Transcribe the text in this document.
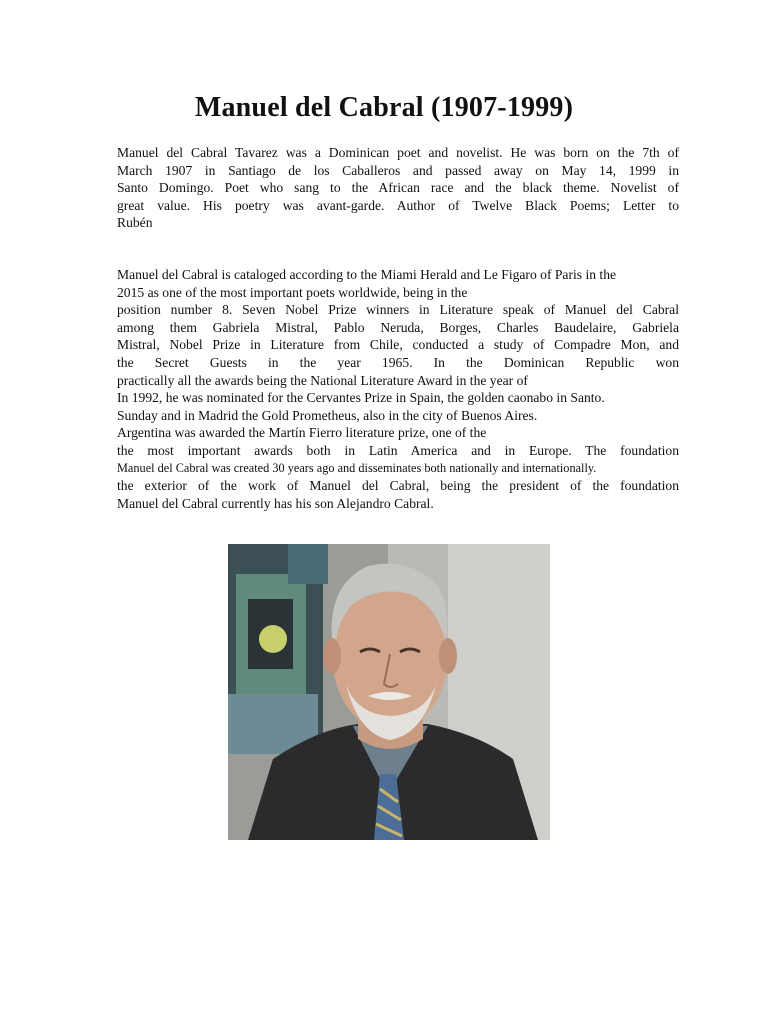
Manuel del Cabral (1907-1999)

Manuel del Cabral Tavarez was a Dominican poet and novelist. He was born on the 7th of
March 1907 in Santiago de los Caballeros and passed away on May 14, 1999 in
Santo Domingo. Poet who sang to the African race and the black theme. Novelist of
great value. His poetry was avant-garde. Author of Twelve Black Poems; Letter to
Rubén

Manuel del Cabral is cataloged according to the Miami Herald and Le Figaro of Paris in the
2015 as one of the most important poets worldwide, being in the
position number 8. Seven Nobel Prize winners in Literature speak of Manuel del Cabral
among them Gabriela Mistral, Pablo Neruda, Borges, Charles Baudelaire, Gabriela
Mistral, Nobel Prize in Literature from Chile, conducted a study of Compadre Mon, and
the Secret Guests in the year 1965. In the Dominican Republic won
practically all the awards being the National Literature Award in the year of
In 1992, he was nominated for the Cervantes Prize in Spain, the golden caonabo in Santo.
Sunday and in Madrid the Gold Prometheus, also in the city of Buenos Aires.
Argentina was awarded the Martín Fierro literature prize, one of the
the most important awards both in Latin America and in Europe. The foundation
Manuel del Cabral was created 30 years ago and disseminates both nationally and internationally.
the exterior of the work of Manuel del Cabral, being the president of the foundation
Manuel del Cabral currently has his son Alejandro Cabral.
